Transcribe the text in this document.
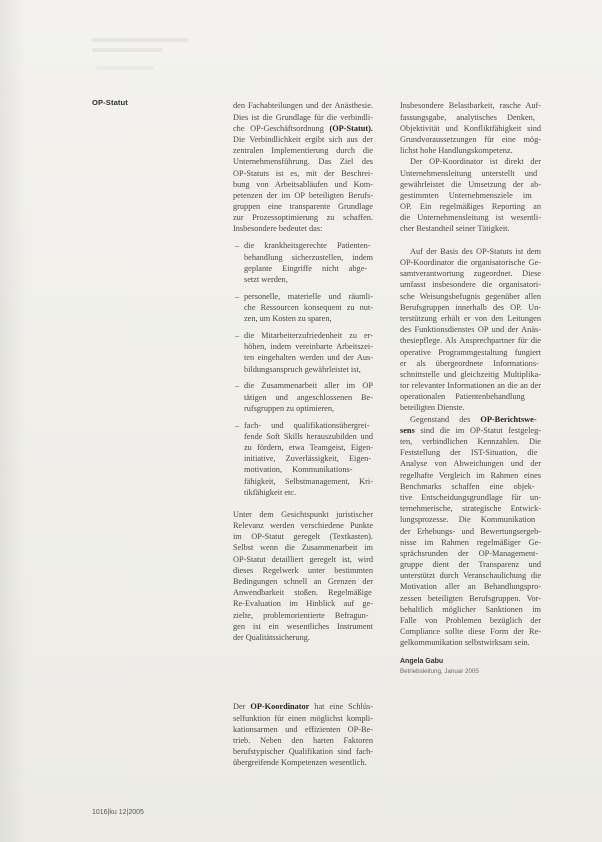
OP-Statut	den Fachabteilungen und der Anästhesie.
Dies ist die Grundlage für die verbindli-
che OP-Geschäftsordnung (OP-Statut).
Die Verbindlichkeit ergibt sich aus der
zentralen Implementierung durch die
Unternehmensführung. Das Ziel des
OP-Statuts ist es, mit der Beschrei-
bung von Arbeitsabläufen und Kom-
petenzen der im OP beteiligten Berufs-
gruppen eine transparente Grundlage
zur Prozessoptimierung zu schaffen.
Insbesondere bedeutet das:
– die krankheitsgerechte Patienten-
behandlung sicherzustellen, indem
geplante Eingriffe nicht abge-
setzt werden,
– personelle, materielle und räumli-
che Ressourcen konsequent zu nut-
zen, um Kosten zu sparen,
– die Mitarbeiterzufriedenheit zu er-
höhen, indem vereinbarte Arbeitszei-
ten eingehalten werden und der Aus-
bildungsanspruch gewährleistet ist,
– die Zusammenarbeit aller im OP
tätigen und angeschlossenen Be-
rufsgruppen zu optimieren,
– fach- und qualifikationsübergrei-
fende Soft Skills herauszubilden und
zu fördern, etwa Teamgeist, Eigen-
initiative, Zuverlässigkeit, Eigen-
motivation, Kommunikations-
fähigkeit, Selbstmanagement, Kri-
tikfähigkeit etc.
Unter dem Gesichtspunkt juristischer
Relevanz werden verschiedene Punkte
im OP-Statut geregelt (Textkasten).
Selbst wenn die Zusammenarbeit im
OP-Statut detailliert geregelt ist, wird
dieses Regelwerk unter bestimmten
Bedingungen schnell an Grenzen der
Anwendbarkeit stoßen. Regelmäßige
Re-Evaluation im Hinblick auf ge-
zielte, problemorientierte Befragun-
gen ist ein wesentliches Instrument
der Qualitätssicherung.
Der OP-Koordinator hat eine Schlüs-
selfunktion für einen möglichst kompli-
kationsarmen und effizienten OP-Be-
trieb. Neben den harten Faktoren
berufstypischer Qualifikation sind fach-
übergreifende Kompetenzen wesentlich.
Insbesondere Belastbarkeit, rasche Auf-
fassungsgabe, analytisches Denken,
Objektivität und Konfliktfähigkeit sind
Grundvoraussetzungen für eine mög-
lichst hohe Handlungskompetenz.
Der OP-Koordinator ist direkt der
Unternehmensleitung unterstellt und
gewährleistet die Umsetzung der ab-
gestimmten Unternehmensziele im
OP. Ein regelmäßiges Reporting an
die Unternehmensleitung ist wesentli-
cher Bestandteil seiner Tätigkeit.
Auf der Basis des OP-Statuts ist dem
OP-Koordinator die organisatorische Ge-
samtverantwortung zugeordnet. Diese
umfasst insbesondere die organisatori-
sche Weisungsbefugnis gegenüber allen
Berufsgruppen innerhalb des OP. Un-
terstützung erhält er von den Leitungen
des Funktionsdienstes OP und der Anäs-
thesiepflege. Als Ansprechpartner für die
operative Programmgestaltung fungiert
er als übergeordnete Informations-
schnittstelle und gleichzeitig Multiplika-
tor relevanter Informationen an die an der
operationalen Patientenbehandlung
beteiligten Dienste.
Gegenstand des OP-Berichtswe-
sens sind die im OP-Statut festgeleg-
ten, verbindlichen Kennzahlen. Die
Feststellung der IST-Situation, die
Analyse von Abweichungen und der
regelhafte Vergleich im Rahmen eines
Benchmarks schaffen eine objek-
tive Entscheidungsgrundlage für un-
ternehmerische, strategische Entwick-
lungsprozesse. Die Kommunikation
der Erhebungs- und Bewertungsergeb-
nisse im Rahmen regelmäßiger Ge-
sprächsrunden der OP-Management-
gruppe dient der Transparenz und
unterstützt durch Veranschaulichung die
Motivation aller an Behandlungspro-
zessen beteiligten Berufsgruppen. Vor-
behaltlich möglicher Sanktionen im
Falle von Problemen bezüglich der
Compliance sollte diese Form der Re-
gelkommunikation selbstwirksam sein.
Angela Gabu
Betriebsleitung, Januar 2005
1016|ku 12|2005
